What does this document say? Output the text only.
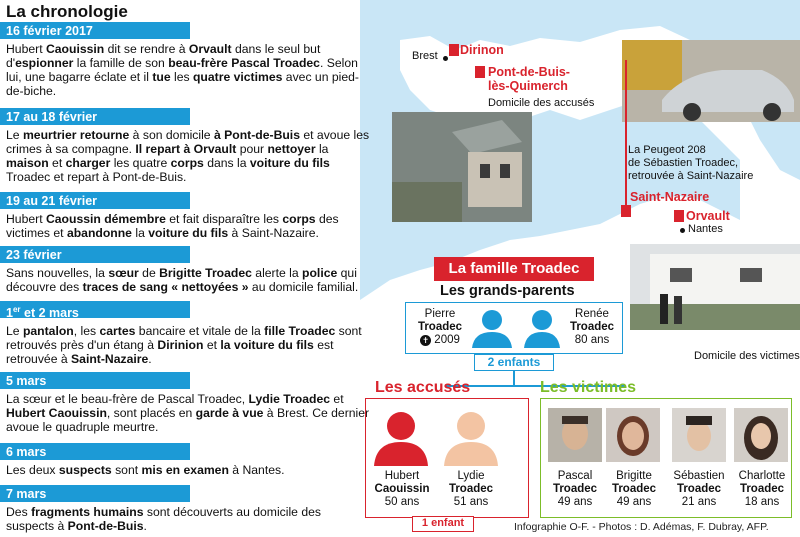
La chronologie
Brest Dirinon
Pont-de-Buis-
lès-Quimerch
Domicile des accusés
Saint-Nazaire
Orvault
Nantes
La Peugeot 208
de Sébastien Troadec,
retrouvée à Saint-Nazaire
Domicile des victimes
16 février 2017
Hubert Caouissin dit se rendre à Orvault dans le seul but d'espionner la famille de son beau-frère Pascal Troadec. Selon lui, une bagarre éclate et il tue les quatre victimes avec un pied-de-biche.
17 au 18 février
Le meurtrier retourne à son domicile à Pont-de-Buis et avoue les crimes à sa compagne. Il repart à Orvault pour nettoyer la maison et charger les quatre corps dans la voiture du fils Troadec et repart à Pont-de-Buis.
19 au 21 février
Hubert Caoussin démembre et fait disparaître les corps des victimes et abandonne la voiture du fils à Saint-Nazaire.
23 février
Sans nouvelles, la sœur de Brigitte Troadec alerte la police qui découvre des traces de sang « nettoyées » au domicile familial.
1er et 2 mars
Le pantalon, les cartes bancaire et vitale de la fille Troadec sont retrouvés près d'un étang à Dirinion et la voiture du fils est retrouvée à Saint-Nazaire.
5 mars
La sœur et le beau-frère de Pascal Troadec, Lydie Troadec et Hubert Caouissin, sont placés en garde à vue à Brest. Ce dernier avoue le quadruple meurtre.
6 mars
Les deux suspects sont mis en examen à Nantes.
7 mars
Des fragments humains sont découverts au domicile des suspects à Pont-de-Buis.
La famille Troadec
Les grands-parents
Pierre
Troadec
✝ 2009
Renée
Troadec
80 ans
2 enfants
Les accusés	Les victimes
Hubert
Caouissin
50 ans
Lydie
Troadec
51 ans
1 enfant
Pascal
Troadec
49 ans
Brigitte
Troadec
49 ans
Sébastien
Troadec
21 ans
Charlotte
Troadec
18 ans
Infographie O-F. - Photos : D. Adémas, F. Dubray, AFP.
